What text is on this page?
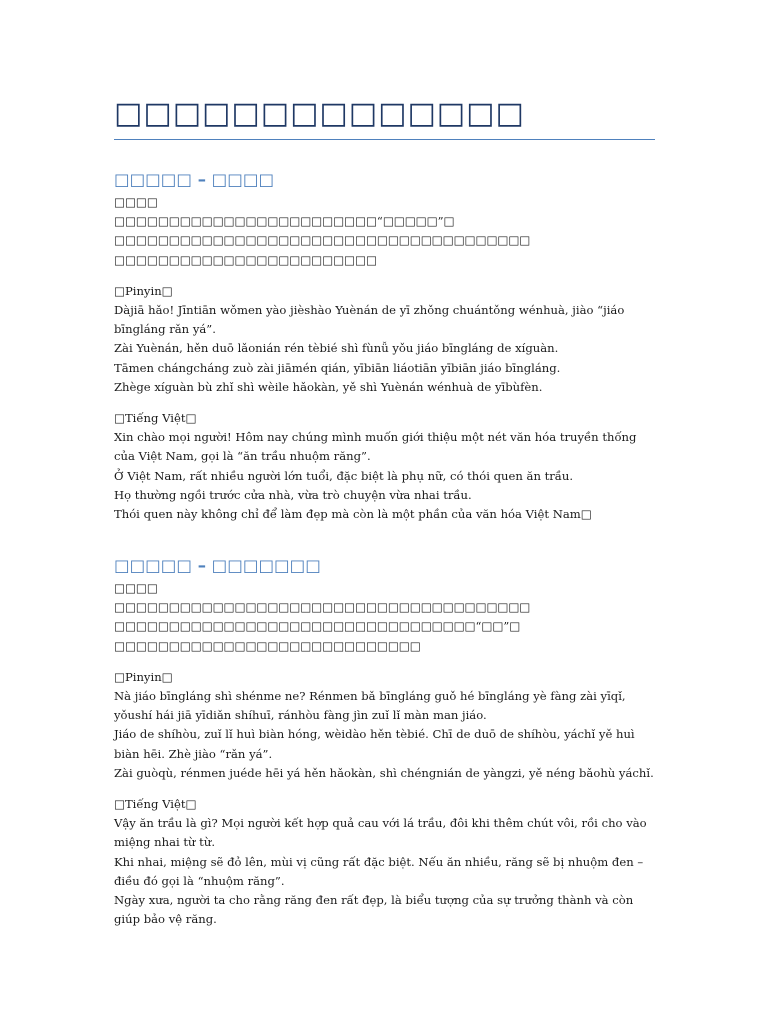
□□□□□□□□□□□□□□
□□□□□ – □□□□

□□□□

□□□□□□□□□□□□□□□□□□□□□□□□“□□□□□”□

□□□□□□□□□□□□□□□□□□□□□□□□□□□□□□□□□□□□□□

□□□□□□□□□□□□□□□□□□□□□□□□

□Pinyin□

Dàjiā hǎo! Jīntiān wǒmen yào jièshào Yuènán de yī zhǒng chuántǒng wénhuà, jiào “jiáo bīngláng rǎn yá”.

Zài Yuènán, hěn duō lǎonián rén tèbié shì fùnǚ yǒu jiáo bīngláng de xíguàn.

Tāmen chángcháng zuò zài jiāmén qián, yībiān liáotiān yībiān jiáo bīngláng.

Zhège xíguàn bù zhǐ shì wèile hǎokàn, yě shì Yuènán wénhuà de yībùfèn.

□Tiếng Việt□

Xin chào mọi người! Hôm nay chúng mình muốn giới thiệu một nét văn hóa truyền thống của Việt Nam, gọi là “ăn trầu nhuộm răng”.

Ở Việt Nam, rất nhiều người lớn tuổi, đặc biệt là phụ nữ, có thói quen ăn trầu.

Họ thường ngồi trước cửa nhà, vừa trò chuyện vừa nhai trầu.

Thói quen này không chỉ để làm đẹp mà còn là một phần của văn hóa Việt Nam□

□□□□□ – □□□□□□□

□□□□

□□□□□□□□□□□□□□□□□□□□□□□□□□□□□□□□□□□□□□

□□□□□□□□□□□□□□□□□□□□□□□□□□□□□□□□□“□□”□

□□□□□□□□□□□□□□□□□□□□□□□□□□□□

□Pinyin□

Nà jiáo bīngláng shì shénme ne? Rénmen bǎ bīngláng guǒ hé bīngláng yè fàng zài yīqǐ, yǒushí hái jiā yīdiǎn shíhuī, ránhòu fàng jìn zuǐ lǐ màn man jiáo.

Jiáo de shíhòu, zuǐ lǐ huì biàn hóng, wèidào hěn tèbié. Chī de duō de shíhòu, yáchǐ yě huì biàn hēi. Zhè jiào “rǎn yá”.

Zài guòqù, rénmen juéde hēi yá hěn hǎokàn, shì chéngnián de yàngzi, yě néng bǎohù yáchǐ.

□Tiếng Việt□

Vậy ăn trầu là gì? Mọi người kết hợp quả cau với lá trầu, đôi khi thêm chút vôi, rồi cho vào miệng nhai từ từ.

Khi nhai, miệng sẽ đỏ lên, mùi vị cũng rất đặc biệt. Nếu ăn nhiều, răng sẽ bị nhuộm đen – điều đó gọi là “nhuộm răng”.

Ngày xưa, người ta cho rằng răng đen rất đẹp, là biểu tượng của sự trưởng thành và còn giúp bảo vệ răng.
